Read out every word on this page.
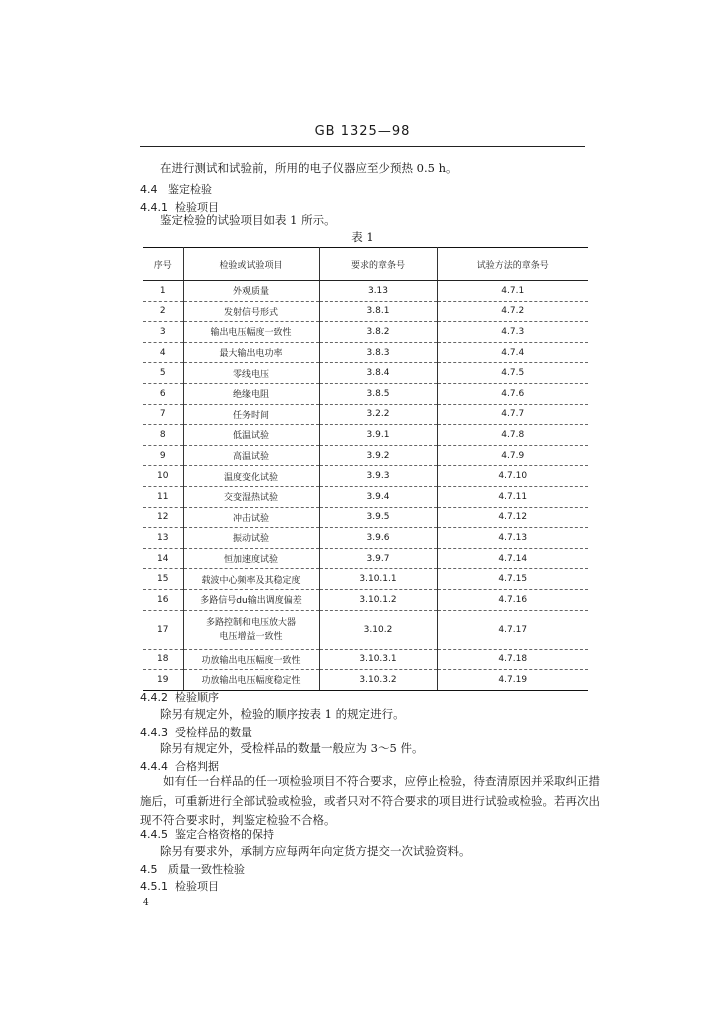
GB 1325—98
在进行测试和试验前，所用的电子仪器应至少预热 0.5 h。
4.4 鉴定检验
4.4.1 检验项目
鉴定检验的试验项目如表 1 所示。
表 1
序号	检验或试验项目	要求的章条号	试验方法的章条号
1	外观质量	3.13	4.7.1
2	发射信号形式	3.8.1	4.7.2
3	输出电压幅度一致性	3.8.2	4.7.3
4	最大输出电功率	3.8.3	4.7.4
5	零线电压	3.8.4	4.7.5
6	绝缘电阻	3.8.5	4.7.6
7	任务时间	3.2.2	4.7.7
8	低温试验	3.9.1	4.7.8
9	高温试验	3.9.2	4.7.9
10	温度变化试验	3.9.3	4.7.10
11	交变湿热试验	3.9.4	4.7.11
12	冲击试验	3.9.5	4.7.12
13	振动试验	3.9.6	4.7.13
14	恒加速度试验	3.9.7	4.7.14
15	载波中心频率及其稳定度	3.10.1.1	4.7.15
16	多路信号du输出调度偏差	3.10.1.2	4.7.16
17	多路控制和电压放大器
电压增益一致性	3.10.2	4.7.17
18	功放输出电压幅度一致性	3.10.3.1	4.7.18
19	功放输出电压幅度稳定性	3.10.3.2	4.7.19
4.4.2 检验顺序
除另有规定外，检验的顺序按表 1 的规定进行。
4.4.3 受检样品的数量
除另有规定外，受检样品的数量一般应为 3～5 件。
4.4.4 合格判据
如有任一台样品的任一项检验项目不符合要求，应停止检验，待查清原因并采取纠正措施后，可重新进行全部试验或检验，或者只对不符合要求的项目进行试验或检验。若再次出现不符合要求时，判鉴定检验不合格。
4.4.5 鉴定合格资格的保持
除另有要求外，承制方应每两年向定货方提交一次试验资料。
4.5 质量一致性检验
4.5.1 检验项目
4
